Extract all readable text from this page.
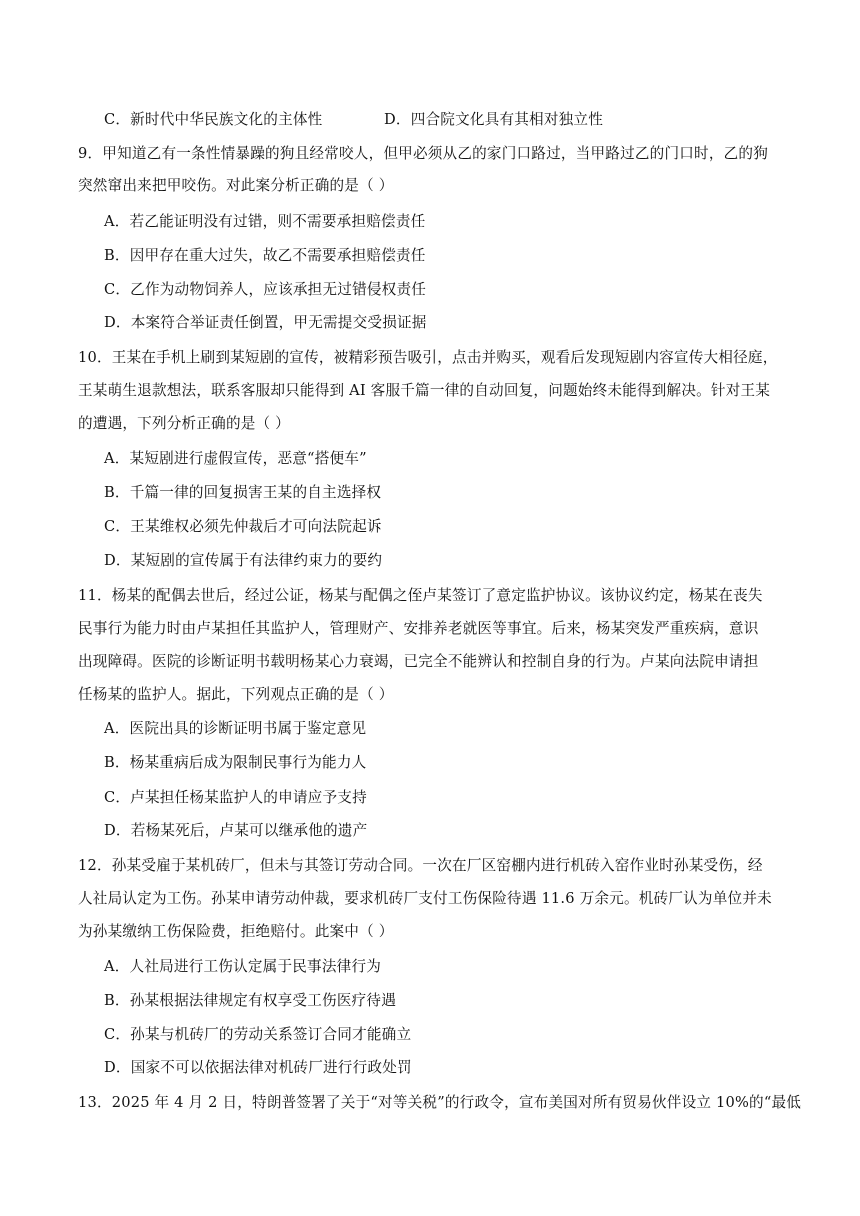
C．新时代中华民族文化的主体性	D．四合院文化具有其相对独立性
9．甲知道乙有一条性情暴躁的狗且经常咬人，但甲必须从乙的家门口路过，当甲路过乙的门口时，乙的狗
突然窜出来把甲咬伤。对此案分析正确的是（ ）
A．若乙能证明没有过错，则不需要承担赔偿责任
B．因甲存在重大过失，故乙不需要承担赔偿责任
C．乙作为动物饲养人，应该承担无过错侵权责任
D．本案符合举证责任倒置，甲无需提交受损证据
10．王某在手机上刷到某短剧的宣传，被精彩预告吸引，点击并购买，观看后发现短剧内容宣传大相径庭，
王某萌生退款想法，联系客服却只能得到 AI 客服千篇一律的自动回复，问题始终未能得到解决。针对王某
的遭遇，下列分析正确的是（ ）
A．某短剧进行虚假宣传，恶意“搭便车”
B．千篇一律的回复损害王某的自主选择权
C．王某维权必须先仲裁后才可向法院起诉
D．某短剧的宣传属于有法律约束力的要约
11．杨某的配偶去世后，经过公证，杨某与配偶之侄卢某签订了意定监护协议。该协议约定，杨某在丧失
民事行为能力时由卢某担任其监护人，管理财产、安排养老就医等事宜。后来，杨某突发严重疾病，意识
出现障碍。医院的诊断证明书载明杨某心力衰竭，已完全不能辨认和控制自身的行为。卢某向法院申请担
任杨某的监护人。据此，下列观点正确的是（ ）
A．医院出具的诊断证明书属于鉴定意见
B．杨某重病后成为限制民事行为能力人
C．卢某担任杨某监护人的申请应予支持
D．若杨某死后，卢某可以继承他的遗产
12．孙某受雇于某机砖厂，但未与其签订劳动合同。一次在厂区窑棚内进行机砖入窑作业时孙某受伤，经
人社局认定为工伤。孙某申请劳动仲裁，要求机砖厂支付工伤保险待遇 11.6 万余元。机砖厂认为单位并未
为孙某缴纳工伤保险费，拒绝赔付。此案中（ ）
A．人社局进行工伤认定属于民事法律行为
B．孙某根据法律规定有权享受工伤医疗待遇
C．孙某与机砖厂的劳动关系签订合同才能确立
D．国家不可以依据法律对机砖厂进行行政处罚
13．2025 年 4 月 2 日，特朗普签署了关于“对等关税”的行政令，宣布美国对所有贸易伙伴设立 10%的“最低
